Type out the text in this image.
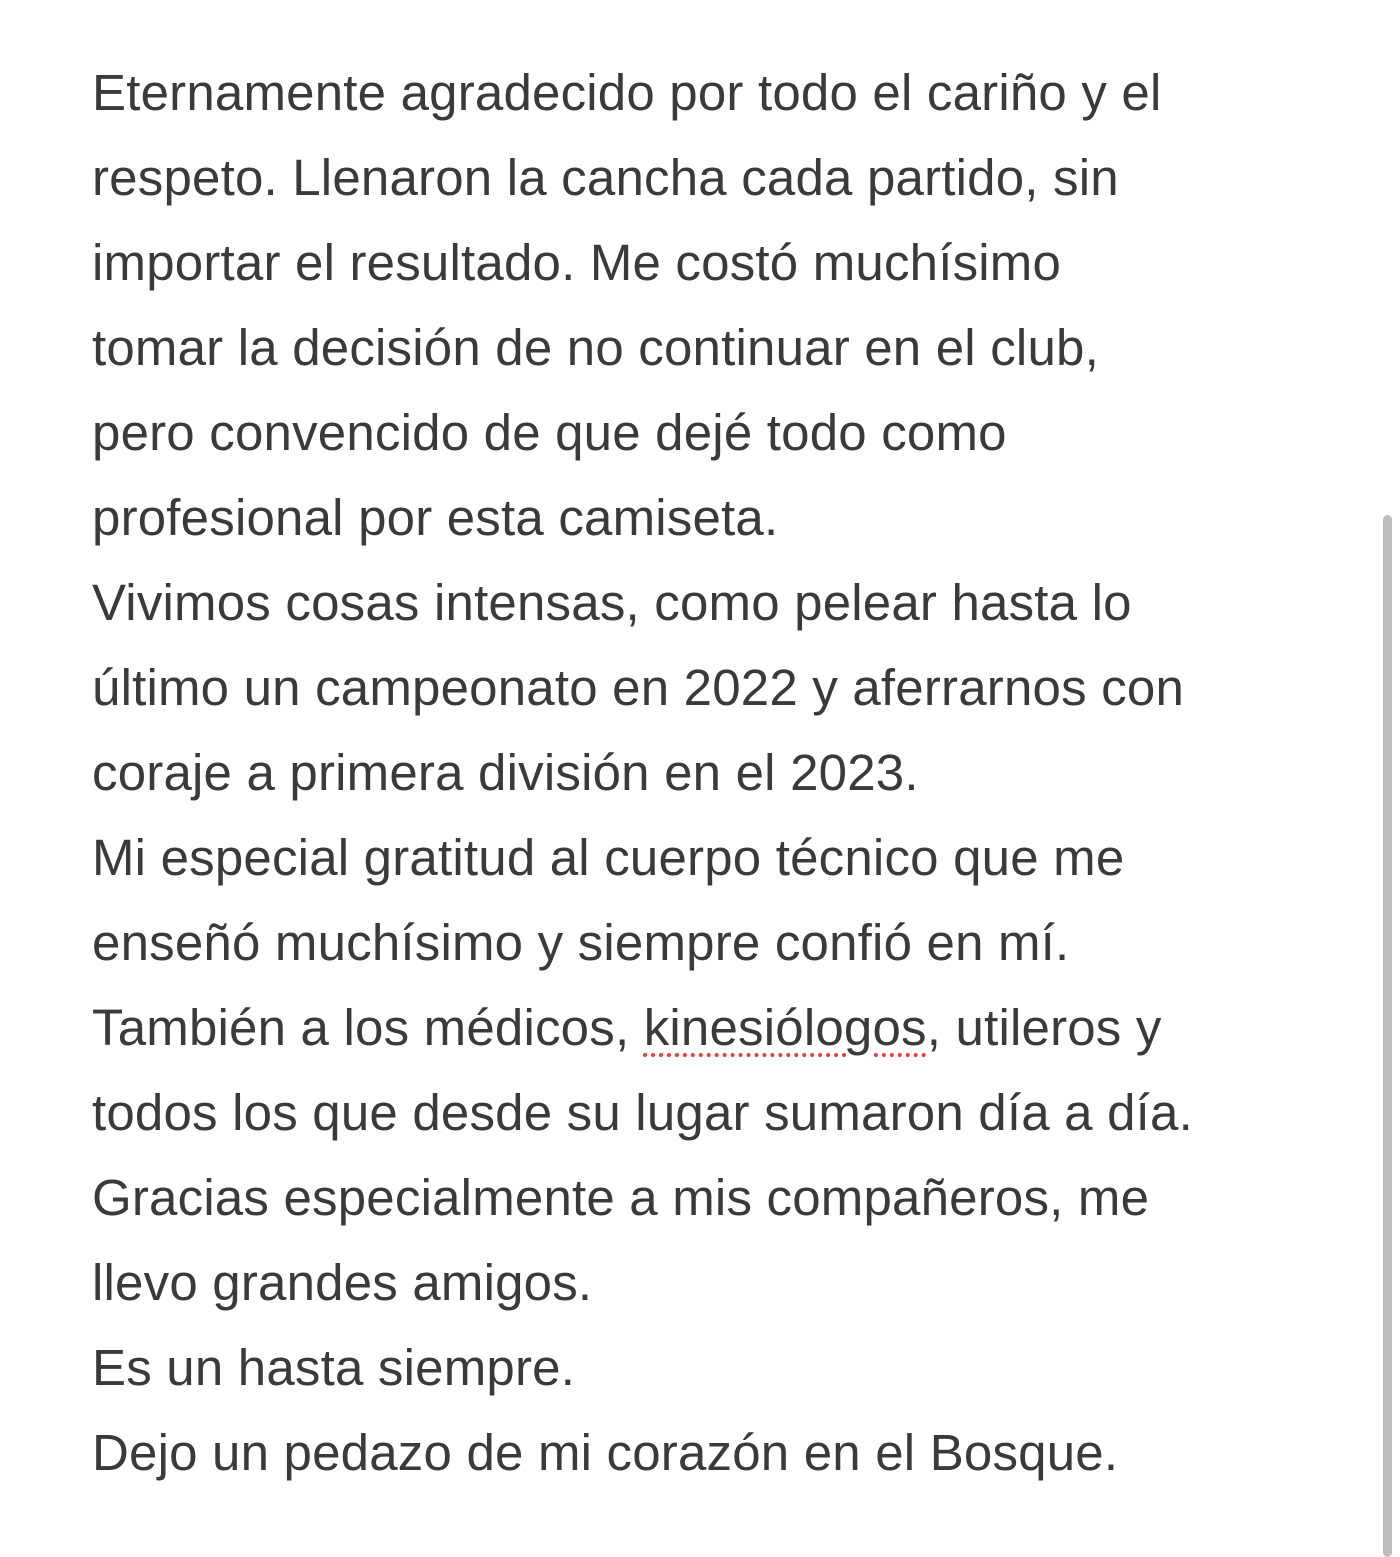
Eternamente agradecido por todo el cariño y el
respeto. Llenaron la cancha cada partido, sin
importar el resultado. Me costó muchísimo
tomar la decisión de no continuar en el club,
pero convencido de que dejé todo como
profesional por esta camiseta.
Vivimos cosas intensas, como pelear hasta lo
último un campeonato en 2022 y aferrarnos con
coraje a primera división en el 2023.
Mi especial gratitud al cuerpo técnico que me
enseñó muchísimo y siempre confió en mí.
También a los médicos, kinesiólogos, utileros y
todos los que desde su lugar sumaron día a día.
Gracias especialmente a mis compañeros, me
llevo grandes amigos.
Es un hasta siempre.
Dejo un pedazo de mi corazón en el Bosque.
